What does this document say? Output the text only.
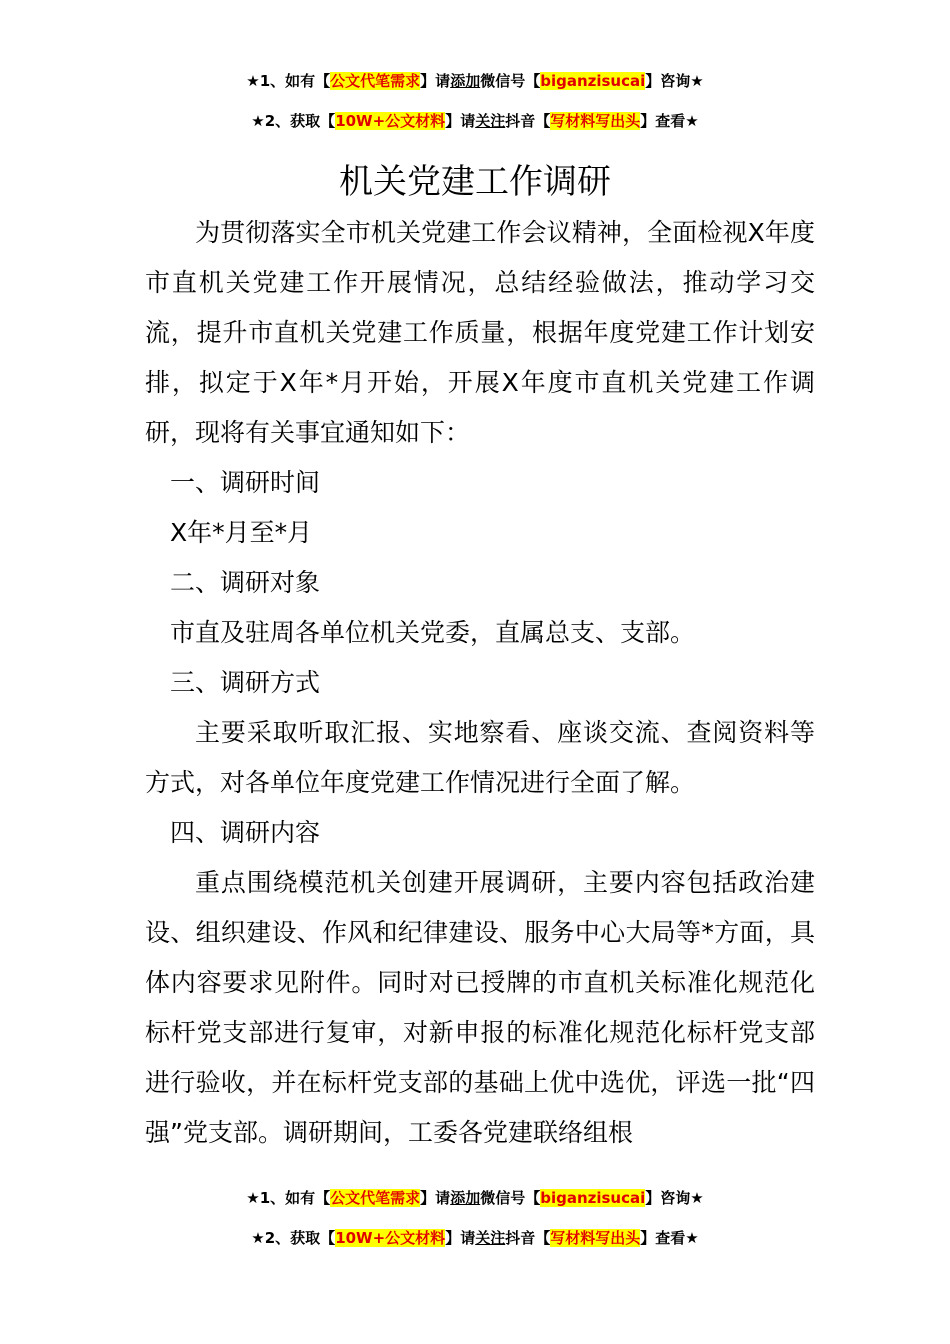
★1、如有【公文代笔需求】请添加微信号【biganzisucai】咨询★
★2、获取【10W+公文材料】请关注抖音【写材料写出头】查看★
机关党建工作调研

为贯彻落实全市机关党建工作会议精神，全面检视X年度市直机关党建工作开展情况，总结经验做法，推动学习交流，提升市直机关党建工作质量，根据年度党建工作计划安排，拟定于X年*月开始，开展X年度市直机关党建工作调研，现将有关事宜通知如下：

一、调研时间

X年*月至*月

二、调研对象

市直及驻周各单位机关党委，直属总支、支部。

三、调研方式

主要采取听取汇报、实地察看、座谈交流、查阅资料等方式，对各单位年度党建工作情况进行全面了解。

四、调研内容

重点围绕模范机关创建开展调研，主要内容包括政治建设、组织建设、作风和纪律建设、服务中心大局等*方面，具体内容要求见附件。同时对已授牌的市直机关标准化规范化标杆党支部进行复审，对新申报的标准化规范化标杆党支部进行验收，并在标杆党支部的基础上优中选优，评选一批“四强”党支部。调研期间，工委各党建联络组根

★1、如有【公文代笔需求】请添加微信号【biganzisucai】咨询★
★2、获取【10W+公文材料】请关注抖音【写材料写出头】查看★
